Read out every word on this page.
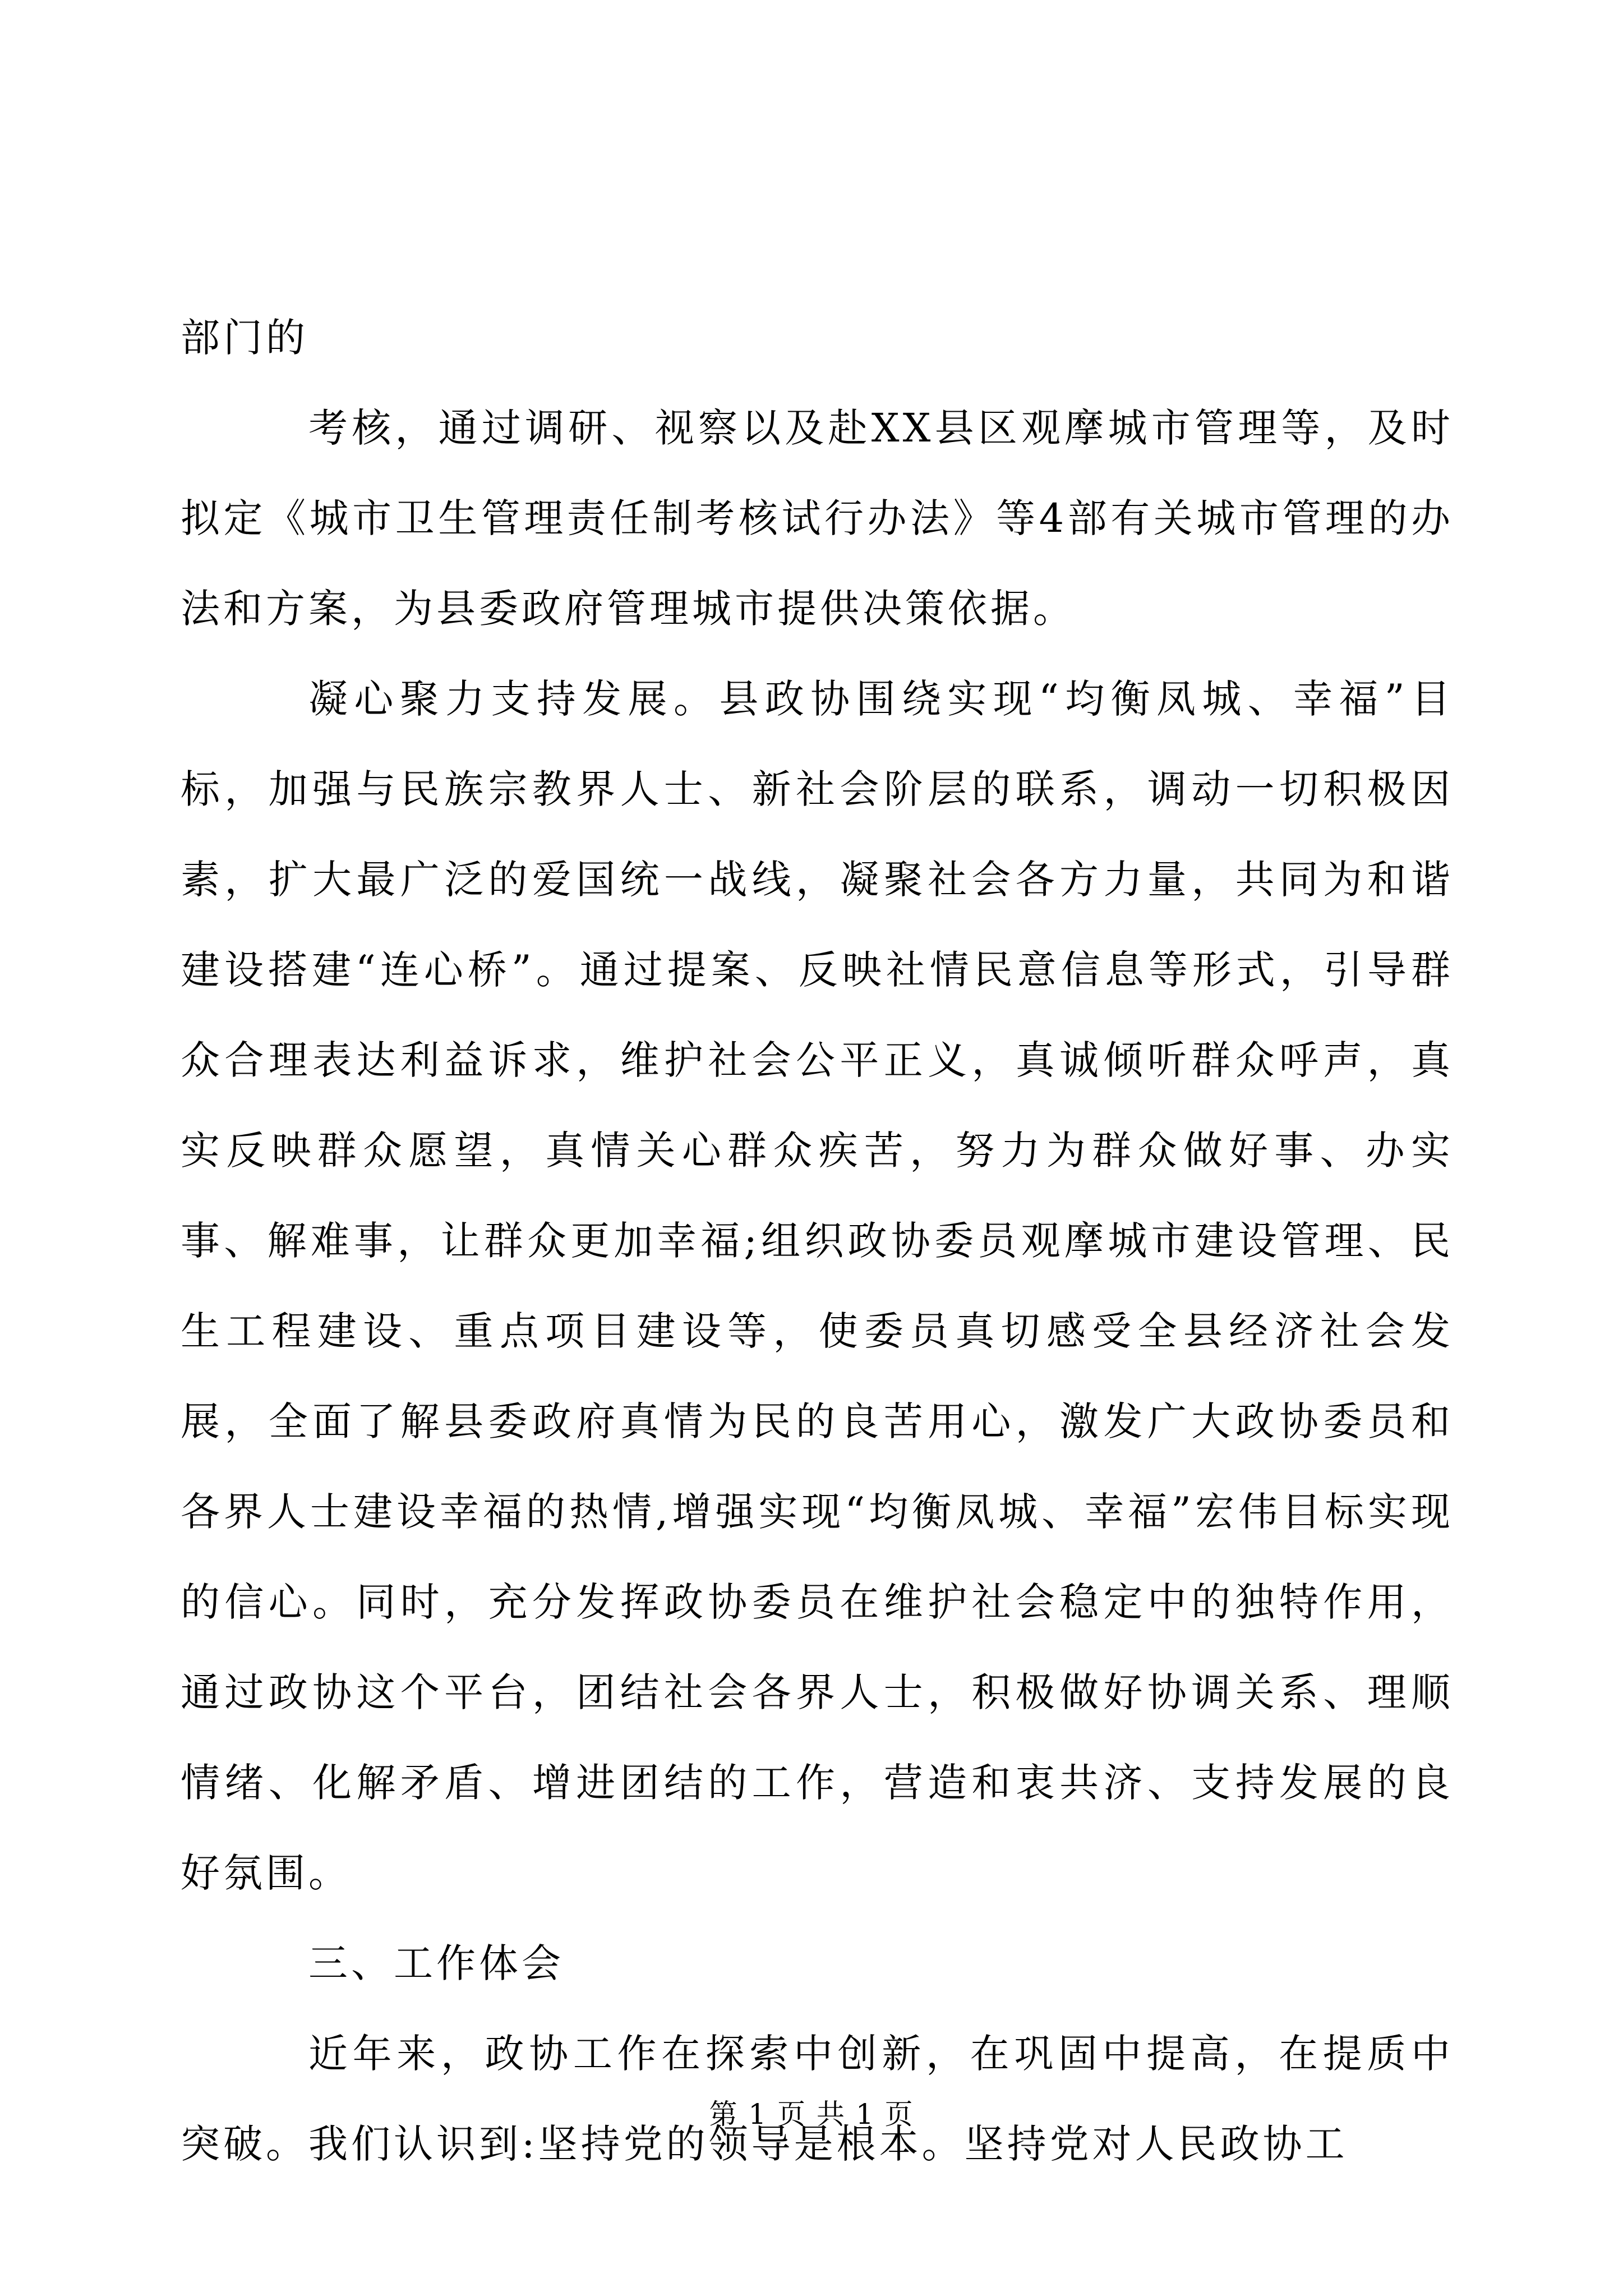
部门的

考核，通过调研、视察以及赴XX县区观摩城市管理等，及时拟定《城市卫生管理责任制考核试行办法》等4部有关城市管理的办法和方案，为县委政府管理城市提供决策依据。

凝心聚力支持发展。县政协围绕实现“均衡凤城、幸福”目标，加强与民族宗教界人士、新社会阶层的联系，调动一切积极因素，扩大最广泛的爱国统一战线，凝聚社会各方力量，共同为和谐建设搭建“连心桥”。通过提案、反映社情民意信息等形式，引导群众合理表达利益诉求，维护社会公平正义，真诚倾听群众呼声，真实反映群众愿望，真情关心群众疾苦，努力为群众做好事、办实事、解难事，让群众更加幸福;组织政协委员观摩城市建设管理、民生工程建设、重点项目建设等，使委员真切感受全县经济社会发展，全面了解县委政府真情为民的良苦用心，激发广大政协委员和各界人士建设幸福的热情,增强实现“均衡凤城、幸福”宏伟目标实现的信心。同时，充分发挥政协委员在维护社会稳定中的独特作用，通过政协这个平台，团结社会各界人士，积极做好协调关系、理顺情绪、化解矛盾、增进团结的工作，营造和衷共济、支持发展的良好氛围。

三、工作体会

近年来，政协工作在探索中创新，在巩固中提高，在提质中突破。我们认识到:坚持党的领导是根本。坚持党对人民政协工

第 1 页 共 1 页
